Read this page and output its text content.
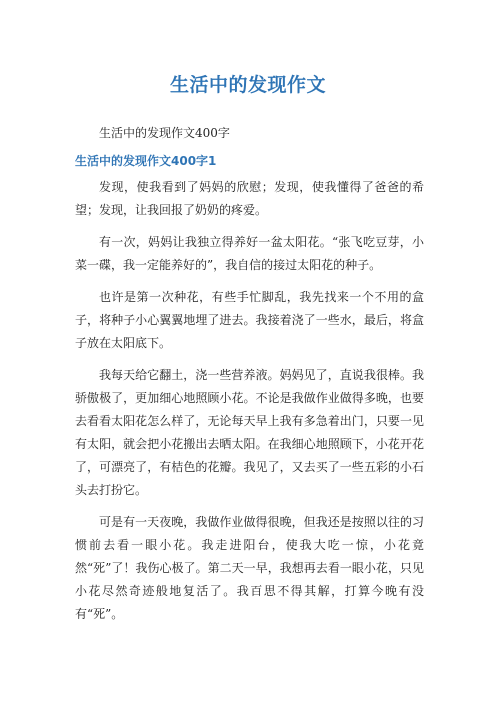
生活中的发现作文
生活中的发现作文400字
生活中的发现作文400字1

发现，使我看到了妈妈的欣慰；发现，使我懂得了爸爸的希望；发现，让我回报了奶奶的疼爱。

有一次，妈妈让我独立得养好一盆太阳花。“张飞吃豆芽，小菜一碟，我一定能养好的”，我自信的接过太阳花的种子。

也许是第一次种花，有些手忙脚乱，我先找来一个不用的盒子，将种子小心翼翼地埋了进去。我接着浇了一些水，最后，将盒子放在太阳底下。

我每天给它翻土，浇一些营养液。妈妈见了，直说我很棒。我骄傲极了，更加细心地照顾小花。不论是我做作业做得多晚，也要去看看太阳花怎么样了，无论每天早上我有多急着出门，只要一见有太阳，就会把小花搬出去晒太阳。在我细心地照顾下，小花开花了，可漂亮了，有桔色的花瓣。我见了，又去买了一些五彩的小石头去打扮它。

可是有一天夜晚，我做作业做得很晚，但我还是按照以往的习惯前去看一眼小花。我走进阳台，使我大吃一惊，小花竟然“死”了！我伤心极了。第二天一早，我想再去看一眼小花，只见小花尽然奇迹般地复活了。我百思不得其解，打算今晚有没有“死”。
